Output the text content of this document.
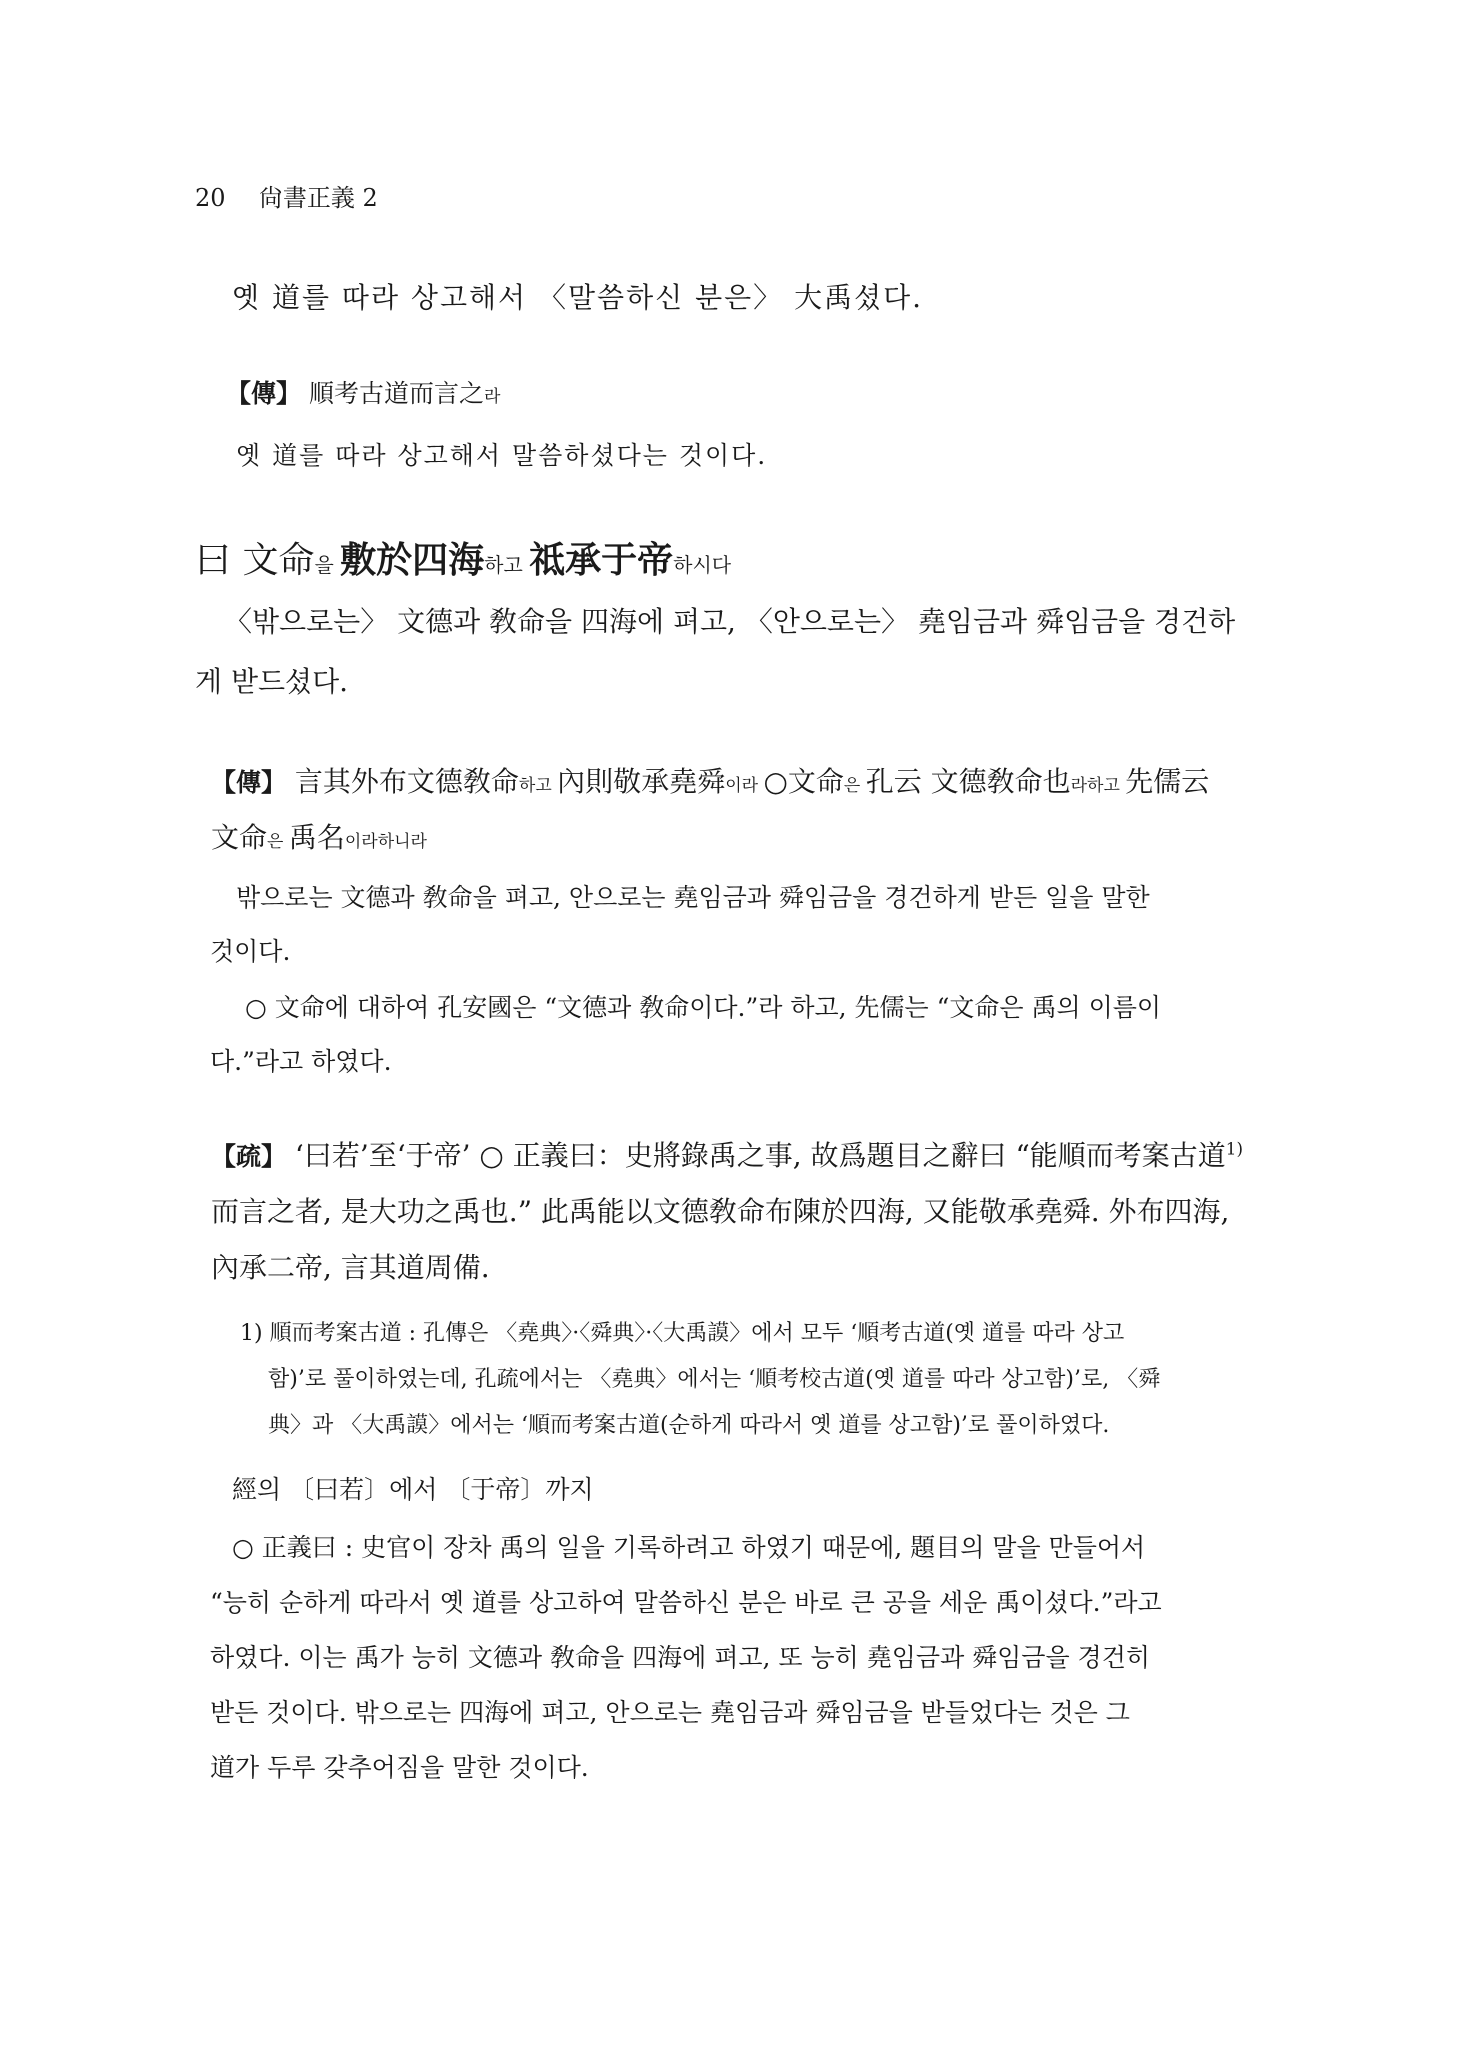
20 尙書正義 2
옛 道를 따라 상고해서 〈말씀하신 분은〉 大禹셨다.
【傳】 順考古道而言之라
옛 道를 따라 상고해서 말씀하셨다는 것이다.
曰 文命을 敷於四海하고 祗承于帝하시다
〈밖으로는〉 文德과 敎命을 四海에 펴고, 〈안으로는〉 堯임금과 舜임금을 경건하
게 받드셨다.
【傳】 言其外布文德敎命하고 內則敬承堯舜이라 ○文命은 孔云 文德敎命也라하고 先儒云
文命은 禹名이라하니라
밖으로는 文德과 敎命을 펴고, 안으로는 堯임금과 舜임금을 경건하게 받든 일을 말한
것이다.
○ 文命에 대하여 孔安國은 “文德과 敎命이다.”라 하고, 先儒는 “文命은 禹의 이름이
다.”라고 하였다.
【疏】 ‘曰若’至‘于帝’ ○ 正義曰：史將錄禹之事, 故爲題目之辭曰 “能順而考案古道$^{1)}$
而言之者, 是大功之禹也.” 此禹能以文德敎命布陳於四海, 又能敬承堯舜. 外布四海,
內承二帝, 言其道周備.
1) 順而考案古道 : 孔傳은 〈堯典〉·〈舜典〉·〈大禹謨〉에서 모두 ‘順考古道(옛 道를 따라 상고
함)’로 풀이하였는데, 孔疏에서는 〈堯典〉에서는 ‘順考校古道(옛 道를 따라 상고함)’로, 〈舜
典〉과 〈大禹謨〉에서는 ‘順而考案古道(순하게 따라서 옛 道를 상고함)’로 풀이하였다.
經의 〔曰若〕에서 〔于帝〕까지
○ 正義曰 : 史官이 장차 禹의 일을 기록하려고 하였기 때문에, 題目의 말을 만들어서
“능히 순하게 따라서 옛 道를 상고하여 말씀하신 분은 바로 큰 공을 세운 禹이셨다.”라고
하였다. 이는 禹가 능히 文德과 敎命을 四海에 펴고, 또 능히 堯임금과 舜임금을 경건히
받든 것이다. 밖으로는 四海에 펴고, 안으로는 堯임금과 舜임금을 받들었다는 것은 그
道가 두루 갖추어짐을 말한 것이다.
